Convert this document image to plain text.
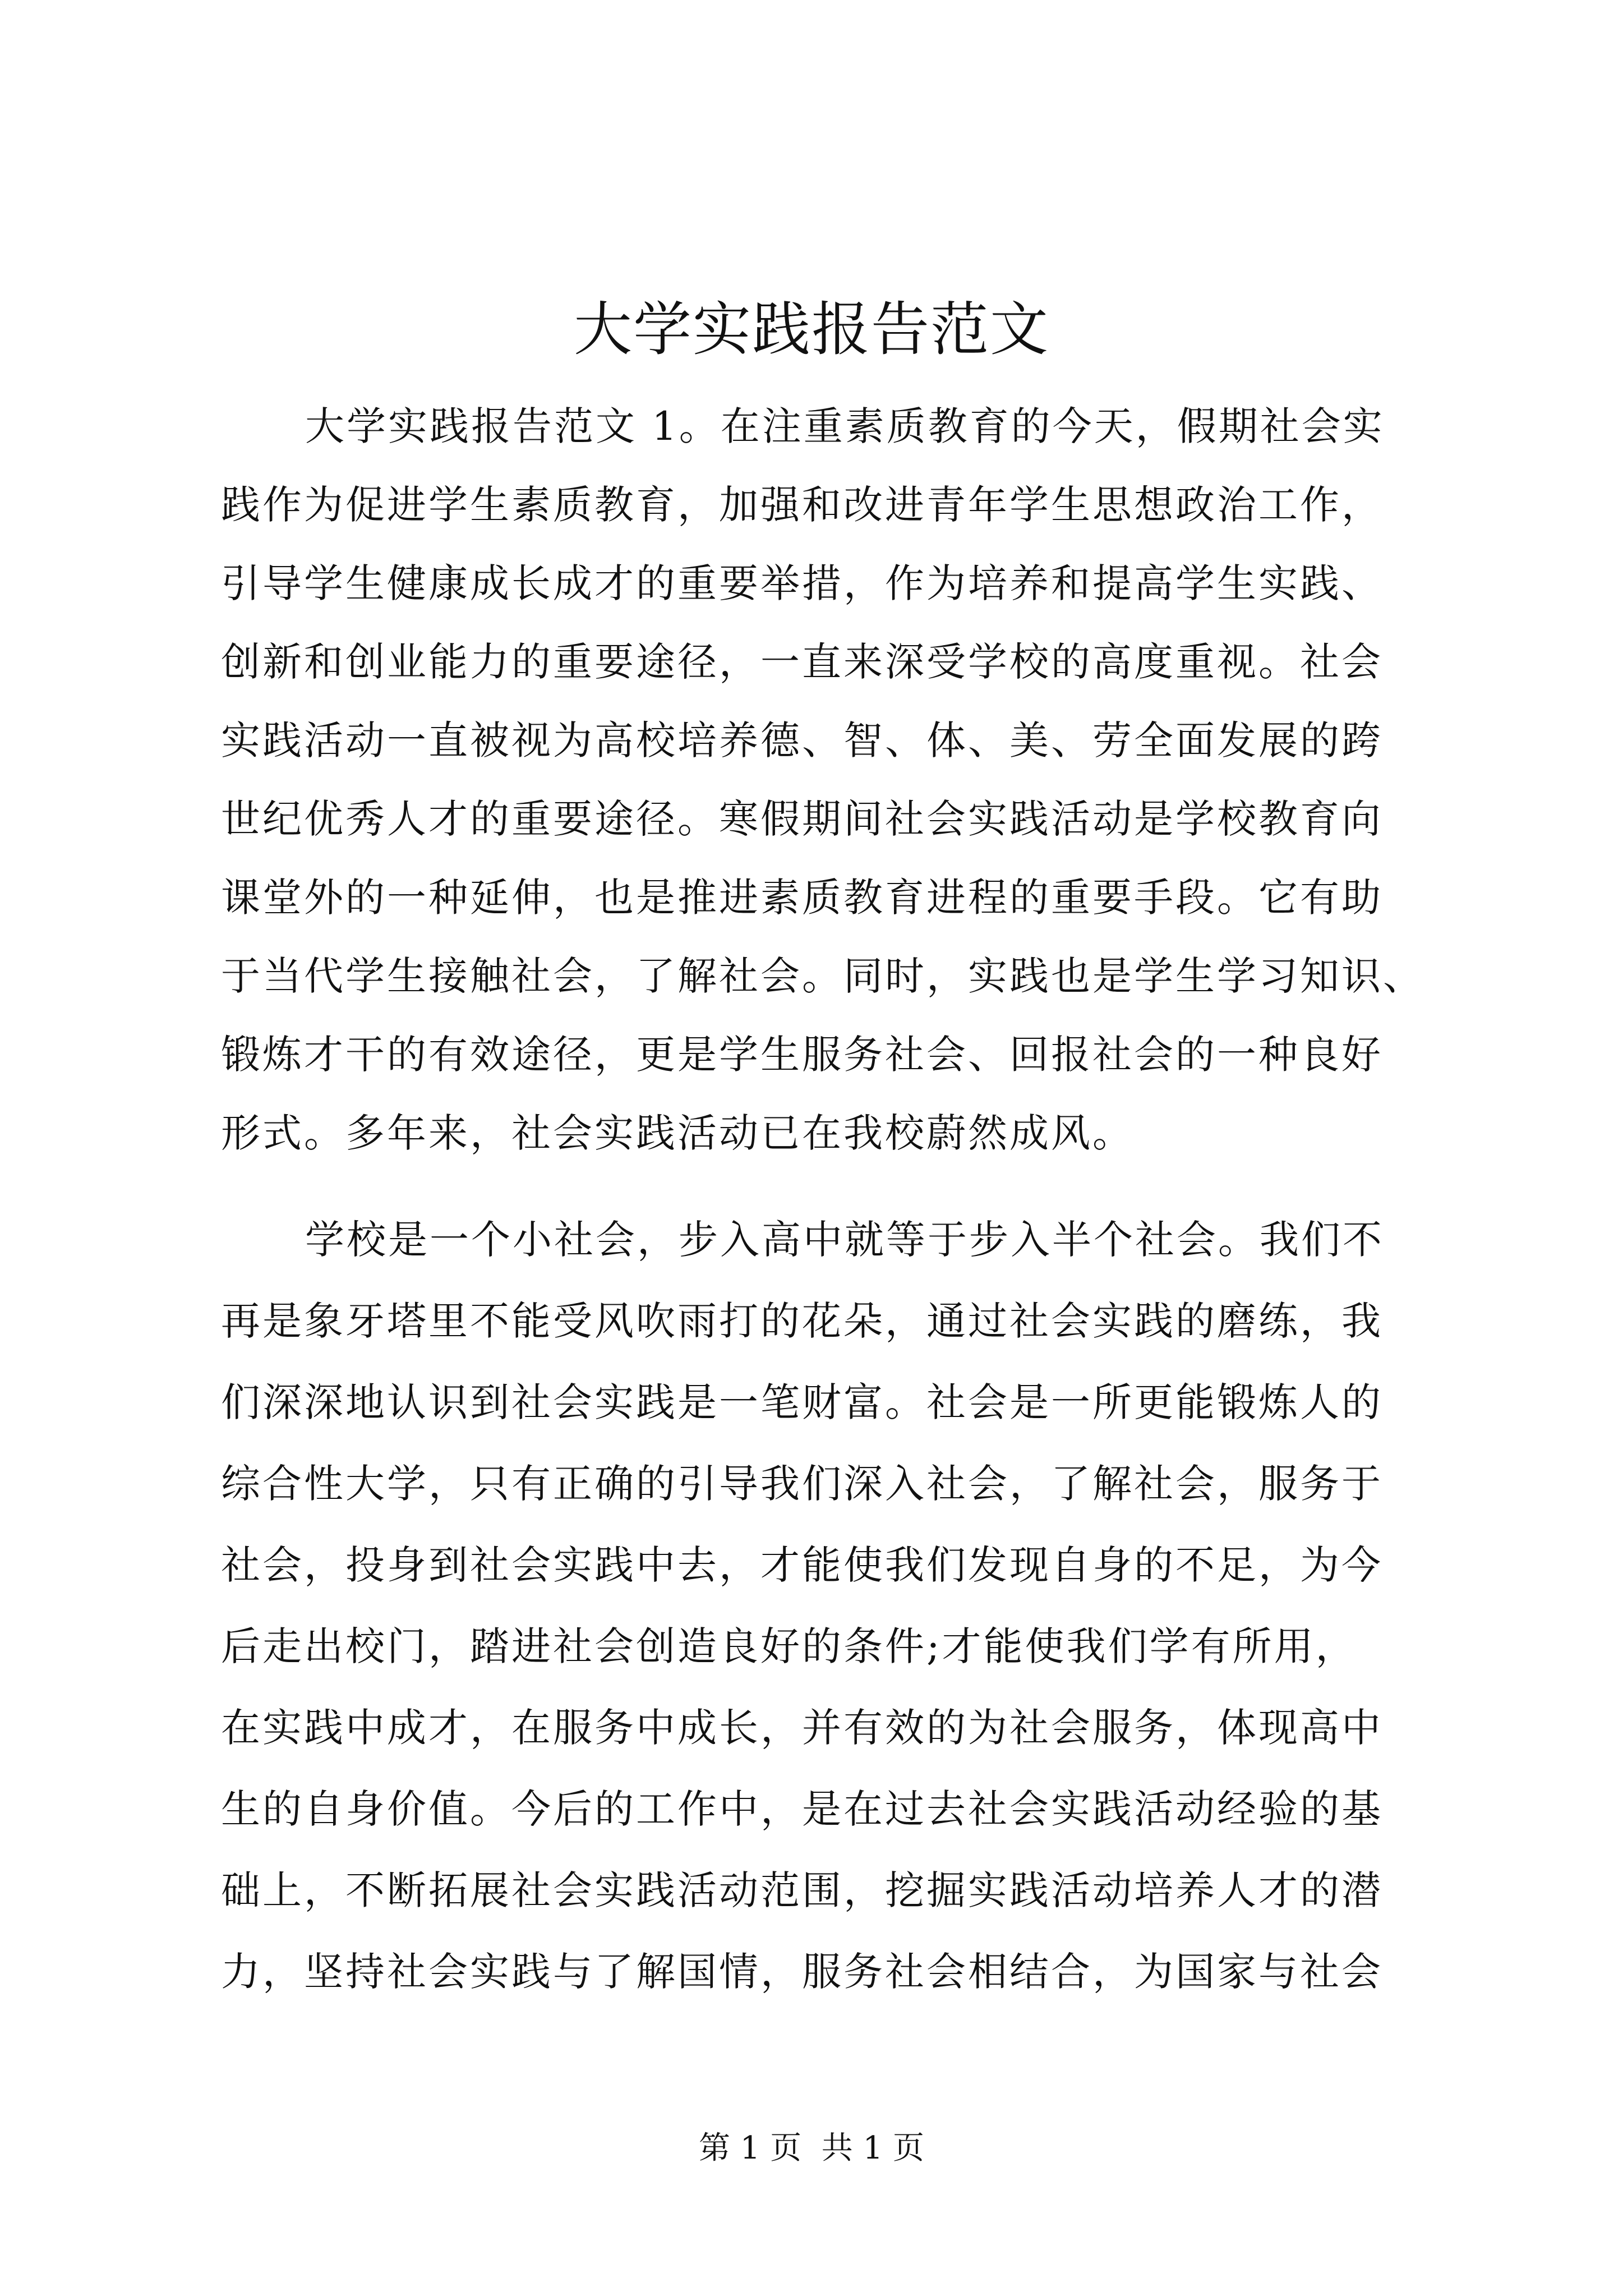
大学实践报告范文
大学实践报告范文 1。在注重素质教育的今天，假期社会实
践作为促进学生素质教育，加强和改进青年学生思想政治工作，
引导学生健康成长成才的重要举措，作为培养和提高学生实践、
创新和创业能力的重要途径，一直来深受学校的高度重视。社会
实践活动一直被视为高校培养德、智、体、美、劳全面发展的跨
世纪优秀人才的重要途径。寒假期间社会实践活动是学校教育向
课堂外的一种延伸，也是推进素质教育进程的重要手段。它有助
于当代学生接触社会，了解社会。同时，实践也是学生学习知识、
锻炼才干的有效途径，更是学生服务社会、回报社会的一种良好
形式。多年来，社会实践活动已在我校蔚然成风。
学校是一个小社会，步入高中就等于步入半个社会。我们不
再是象牙塔里不能受风吹雨打的花朵，通过社会实践的磨练，我
们深深地认识到社会实践是一笔财富。社会是一所更能锻炼人的
综合性大学，只有正确的引导我们深入社会，了解社会，服务于
社会，投身到社会实践中去，才能使我们发现自身的不足，为今
后走出校门，踏进社会创造良好的条件;才能使我们学有所用，
在实践中成才，在服务中成长，并有效的为社会服务，体现高中
生的自身价值。今后的工作中，是在过去社会实践活动经验的基
础上，不断拓展社会实践活动范围，挖掘实践活动培养人才的潜
力，坚持社会实践与了解国情，服务社会相结合，为国家与社会
第 1 页  共 1 页
